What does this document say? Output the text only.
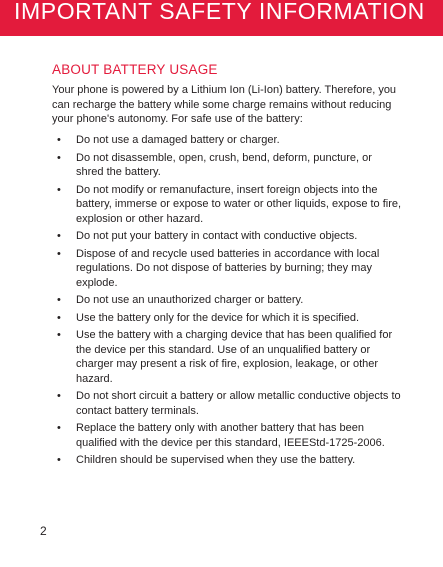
IMPORTANT SAFETY INFORMATION
ABOUT BATTERY USAGE

Your phone is powered by a Lithium Ion (Li-Ion) battery. Therefore, you can recharge the battery while some charge remains without reducing your phone's autonomy. For safe use of the battery:

• Do not use a damaged battery or charger.
• Do not disassemble, open, crush, bend, deform, puncture, or shred the battery.
• Do not modify or remanufacture, insert foreign objects into the battery, immerse or expose to water or other liquids, expose to fire, explosion or other hazard.
• Do not put your battery in contact with conductive objects.
• Dispose of and recycle used batteries in accordance with local regulations. Do not dispose of batteries by burning; they may explode.
• Do not use an unauthorized charger or battery.
• Use the battery only for the device for which it is specified.
• Use the battery with a charging device that has been qualified for the device per this standard. Use of an unqualified battery or charger may present a risk of fire, explosion, leakage, or other hazard.
• Do not short circuit a battery or allow metallic conductive objects to contact battery terminals.
• Replace the battery only with another battery that has been qualified with the device per this standard, IEEEStd-1725-2006.
• Children should be supervised when they use the battery.
2
